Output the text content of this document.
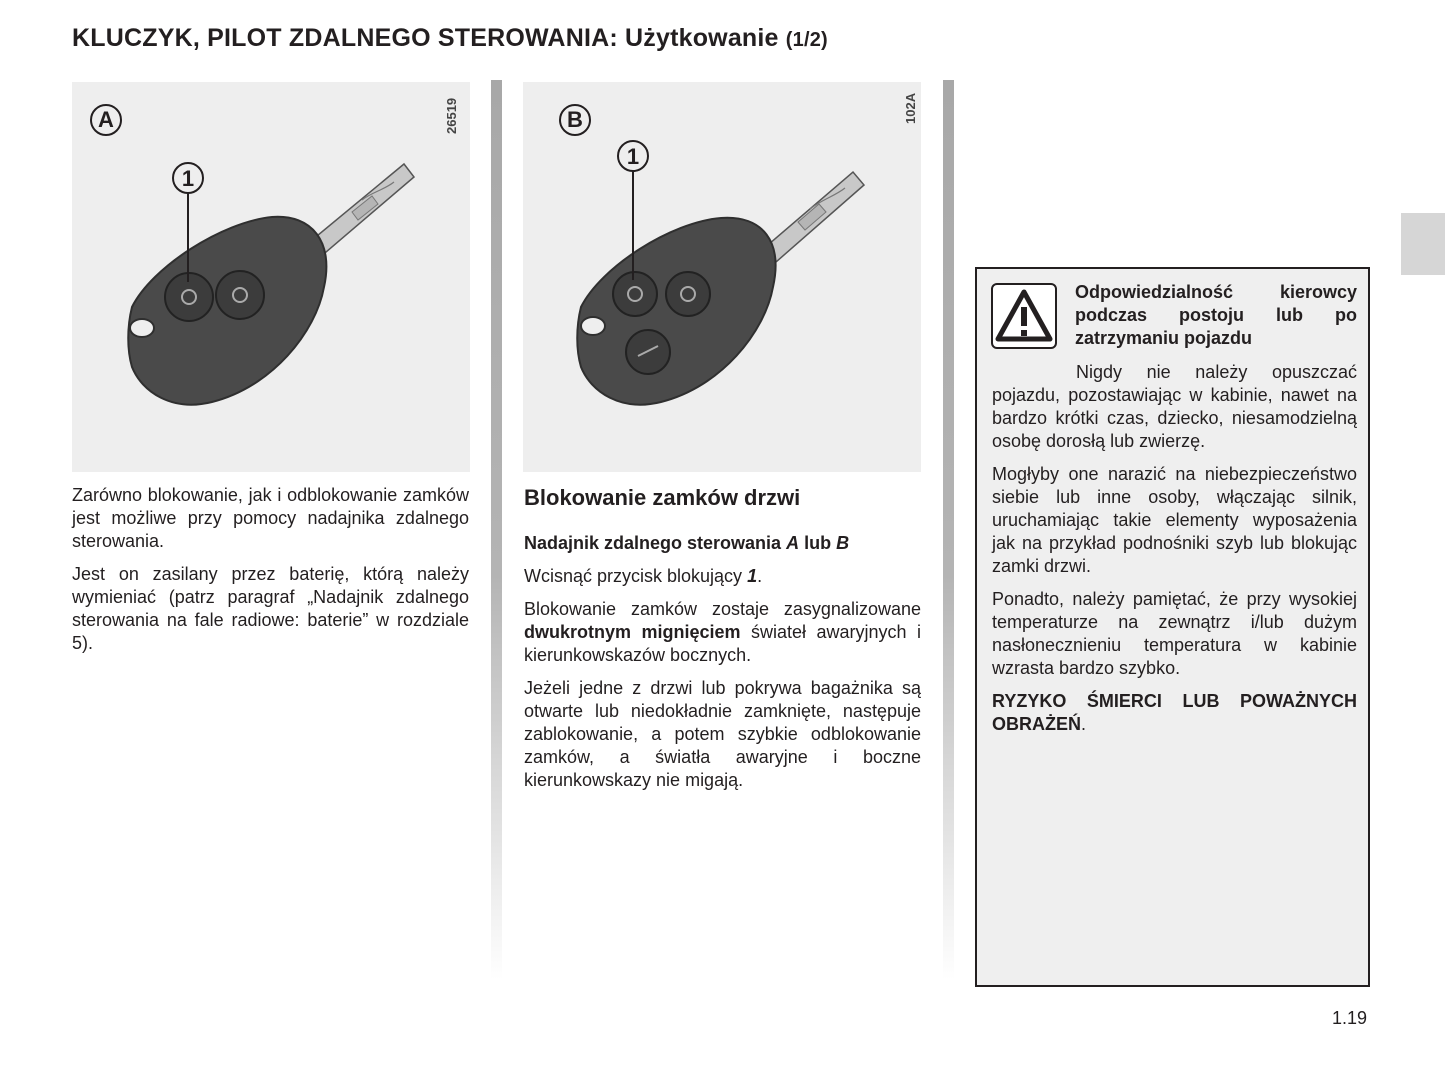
KLUCZYK, PILOT ZDALNEGO STEROWANIA: Użytkowanie (1/2)
A
1
26519	B
1
102A

Zarówno blokowanie, jak i odblokowanie zamków jest możliwe przy pomocy nadajnika zdalnego sterowania.

Jest on zasilany przez baterię, którą należy wymieniać (patrz paragraf „Nadajnik zdalnego sterowania na fale radiowe: baterie” w rozdziale 5).

Blokowanie zamków drzwi

Nadajnik zdalnego sterowania A lub B

Wcisnąć przycisk blokujący 1.

Blokowanie zamków zostaje zasygnalizowane dwukrotnym mignięciem świateł awaryjnych i kierunkowskazów bocznych.

Jeżeli jedne z drzwi lub pokrywa bagażnika są otwarte lub niedokładnie zamknięte, następuje zablokowanie, a potem szybkie odblokowanie zamków, a światła awaryjne i boczne kierunkowskazy nie migają.

Odpowiedzialność kierowcy podczas postoju lub po zatrzymaniu pojazdu

Nigdy nie należy opuszczać pojazdu, pozostawiając w kabinie, nawet na bardzo krótki czas, dziecko, niesamodzielną osobę dorosłą lub zwierzę.

Mogłyby one narazić na niebezpieczeństwo siebie lub inne osoby, włączając silnik, uruchamiając takie elementy wyposażenia jak na przykład podnośniki szyb lub blokując zamki drzwi.

Ponadto, należy pamiętać, że przy wysokiej temperaturze na zewnątrz i/lub dużym nasłonecznieniu temperatura w kabinie wzrasta bardzo szybko.

RYZYKO ŚMIERCI LUB POWAŻNYCH OBRAŻEŃ.

1.19
